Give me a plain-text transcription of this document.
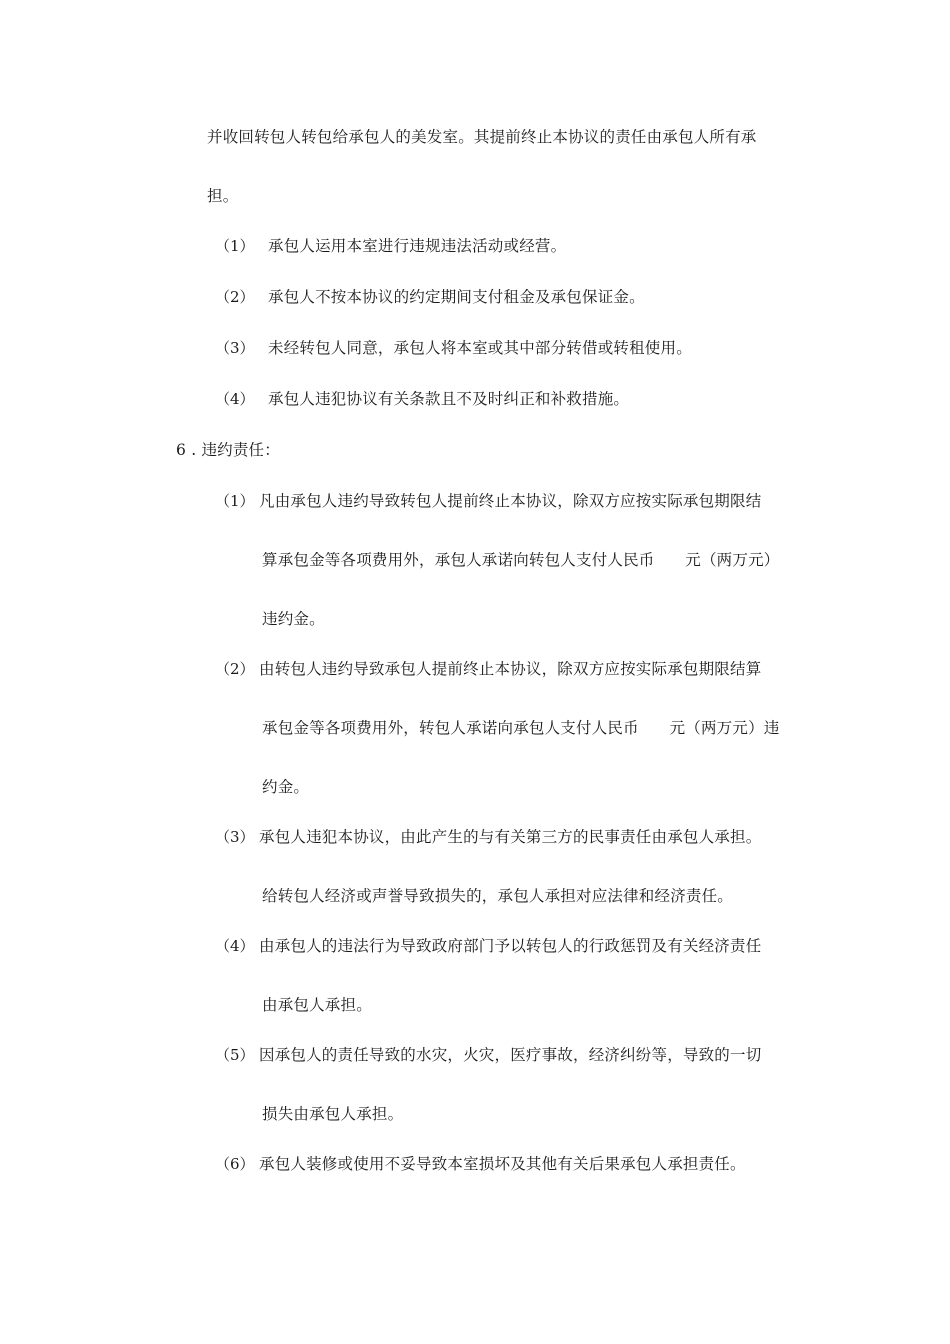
并收回转包人转包给承包人的美发室。其提前终止本协议的责任由承包人所有承
担。
（1） 承包人运用本室进行违规违法活动或经营。
（2） 承包人不按本协议的约定期间支付租金及承包保证金。
（3） 未经转包人同意，承包人将本室或其中部分转借或转租使用。
（4） 承包人违犯协议有关条款且不及时纠正和补救措施。
6 . 违约责任：
（1） 凡由承包人违约导致转包人提前终止本协议，除双方应按实际承包期限结
算承包金等各项费用外，承包人承诺向转包人支付人民币      元（两万元）
违约金。
（2） 由转包人违约导致承包人提前终止本协议，除双方应按实际承包期限结算
承包金等各项费用外，转包人承诺向承包人支付人民币      元（两万元）违
约金。
（3） 承包人违犯本协议，由此产生的与有关第三方的民事责任由承包人承担。
给转包人经济或声誉导致损失的，承包人承担对应法律和经济责任。
（4） 由承包人的违法行为导致政府部门予以转包人的行政惩罚及有关经济责任
由承包人承担。
（5） 因承包人的责任导致的水灾，火灾，医疗事故，经济纠纷等，导致的一切
损失由承包人承担。
（6） 承包人装修或使用不妥导致本室损坏及其他有关后果承包人承担责任。
